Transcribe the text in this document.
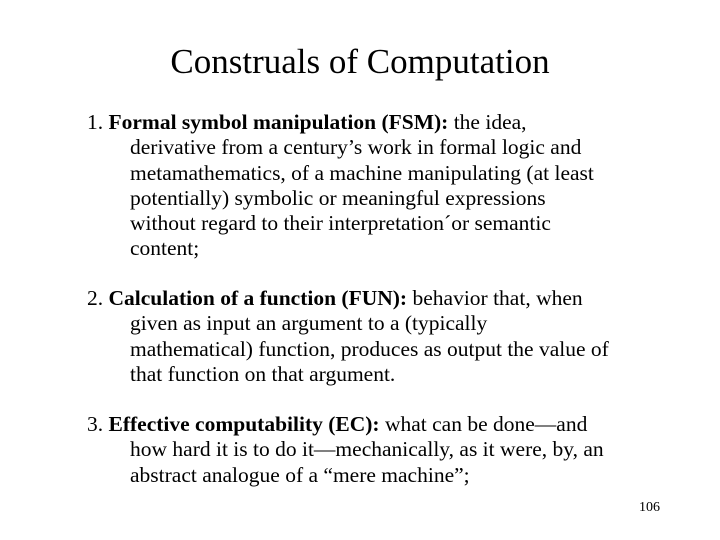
Construals of Computation
1. Formal symbol manipulation (FSM): the idea,
derivative from a century’s work in formal logic and
metamathematics, of a machine manipulating (at least
potentially) symbolic or meaningful expressions
without regard to their interpretation´or semantic
content;
2. Calculation of a function (FUN): behavior that, when
given as input an argument to a (typically
mathematical) function, produces as output the value of
that function on that argument.
3. Effective computability (EC): what can be done—and
how hard it is to do it—mechanically, as it were, by, an
abstract analogue of a “mere machine”;
106
